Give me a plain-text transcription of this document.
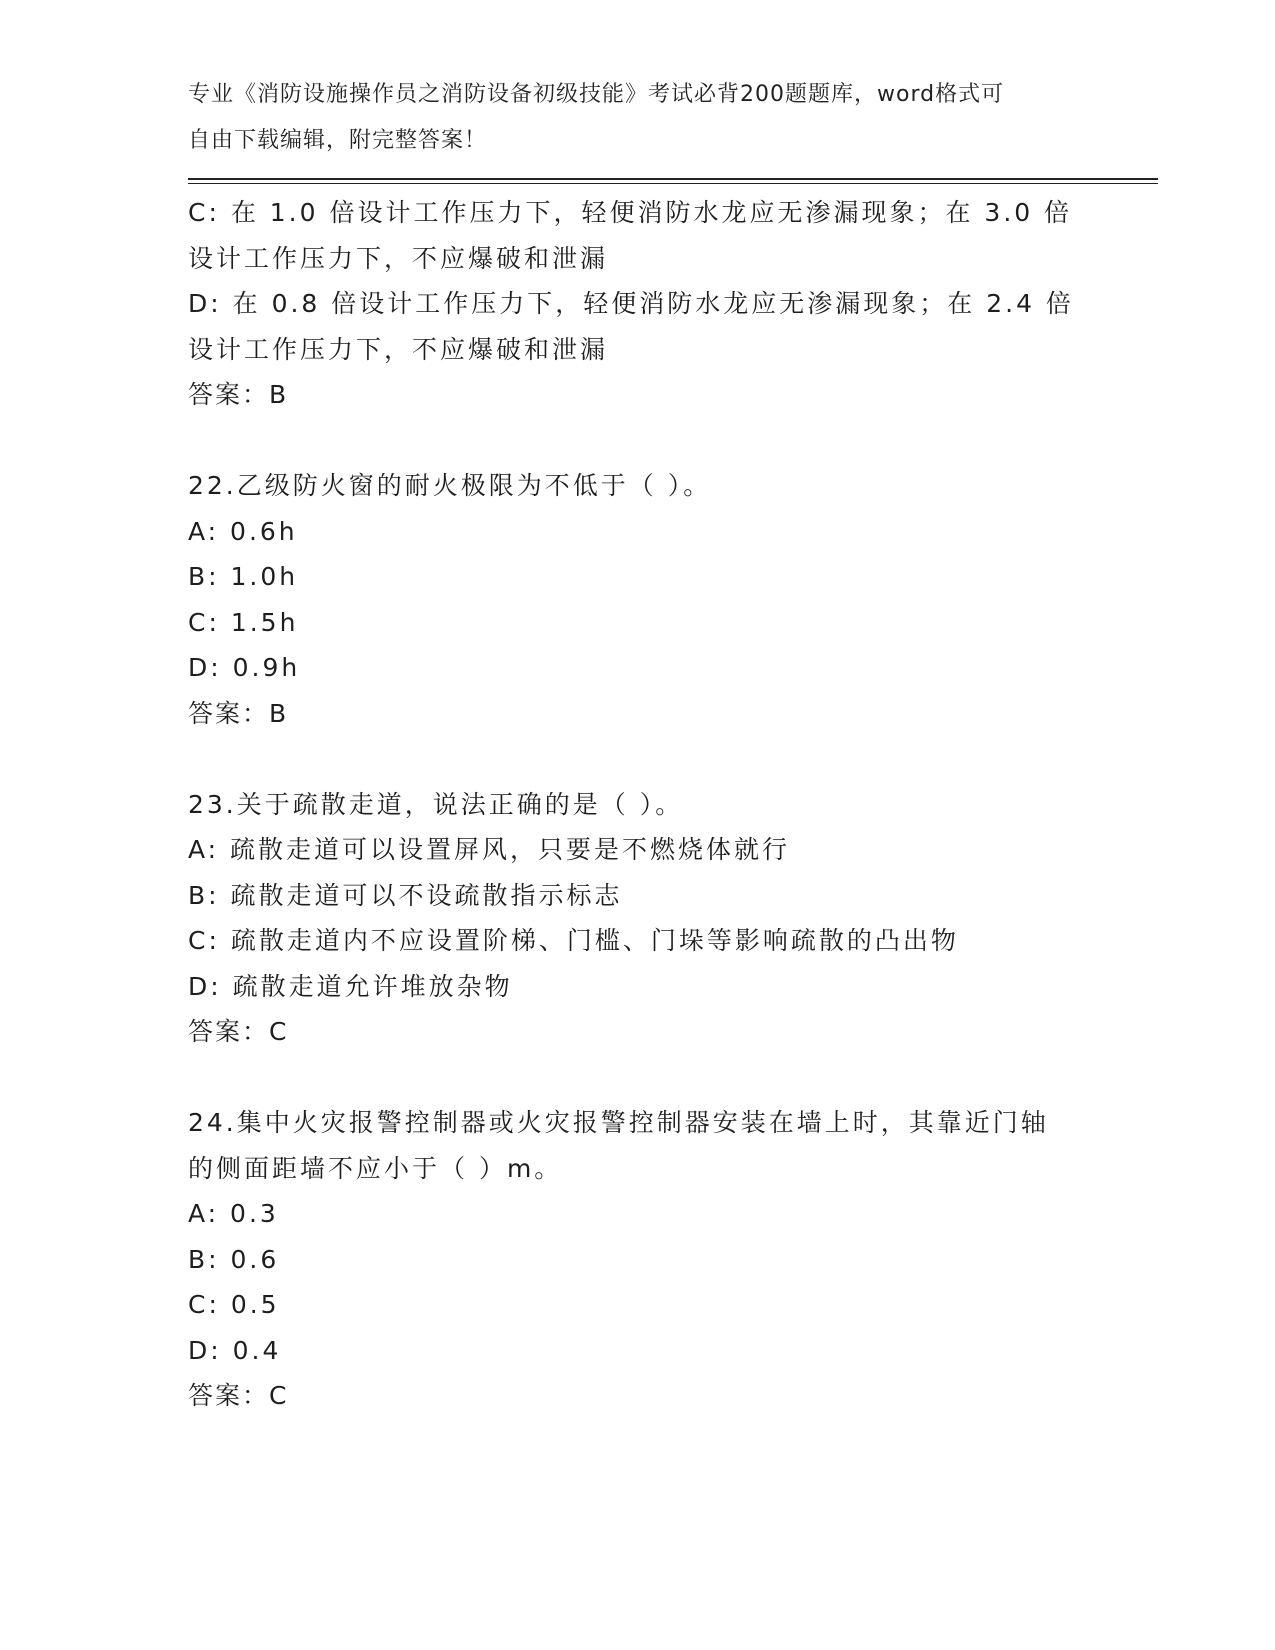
专业《消防设施操作员之消防设备初级技能》考试必背200题题库，word格式可
自由下载编辑，附完整答案！
C: 在 1.0 倍设计工作压力下，轻便消防水龙应无渗漏现象；在 3.0 倍
设计工作压力下，不应爆破和泄漏
D: 在 0.8 倍设计工作压力下，轻便消防水龙应无渗漏现象；在 2.4 倍
设计工作压力下，不应爆破和泄漏
答案：B
22.乙级防火窗的耐火极限为不低于（ ）。
A: 0.6h
B: 1.0h
C: 1.5h
D: 0.9h
答案：B
23.关于疏散走道，说法正确的是（ ）。
A: 疏散走道可以设置屏风，只要是不燃烧体就行
B: 疏散走道可以不设疏散指示标志
C: 疏散走道内不应设置阶梯、门槛、门垛等影响疏散的凸出物
D: 疏散走道允许堆放杂物
答案：C
24.集中火灾报警控制器或火灾报警控制器安装在墙上时，其靠近门轴
的侧面距墙不应小于（ ）m。
A: 0.3
B: 0.6
C: 0.5
D: 0.4
答案：C
